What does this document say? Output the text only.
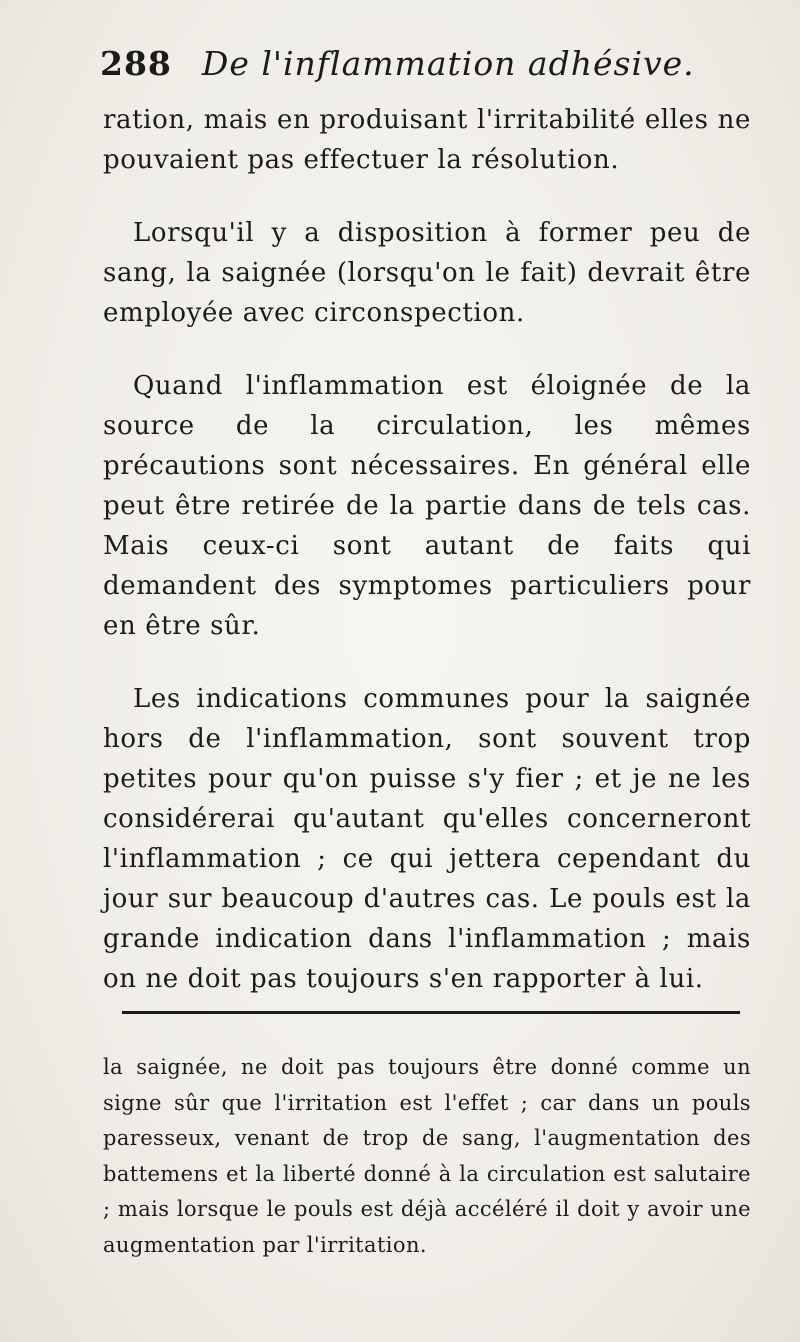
288 De l'inflammation adhésive.

ration, mais en produisant l'irritabilité elles ne pouvaient pas effectuer la résolution.

Lorsqu'il y a disposition à former peu de sang, la saignée (lorsqu'on le fait) devrait être employée avec circonspection.

Quand l'inflammation est éloignée de la source de la circulation, les mêmes précautions sont nécessaires. En général elle peut être retirée de la partie dans de tels cas. Mais ceux-ci sont autant de faits qui demandent des symptomes particuliers pour en être sûr.

Les indications communes pour la saignée hors de l'inflammation, sont souvent trop petites pour qu'on puisse s'y fier ; et je ne les considérerai qu'autant qu'elles concerneront l'inflammation ; ce qui jettera cependant du jour sur beaucoup d'autres cas. Le pouls est la grande indication dans l'inflammation ; mais on ne doit pas toujours s'en rapporter à lui.

la saignée, ne doit pas toujours être donné comme un signe sûr que l'irritation est l'effet ; car dans un pouls paresseux, venant de trop de sang, l'augmentation des battemens et la liberté donné à la circulation est salutaire ; mais lorsque le pouls est déjà accéléré il doit y avoir une augmentation par l'irritation.
